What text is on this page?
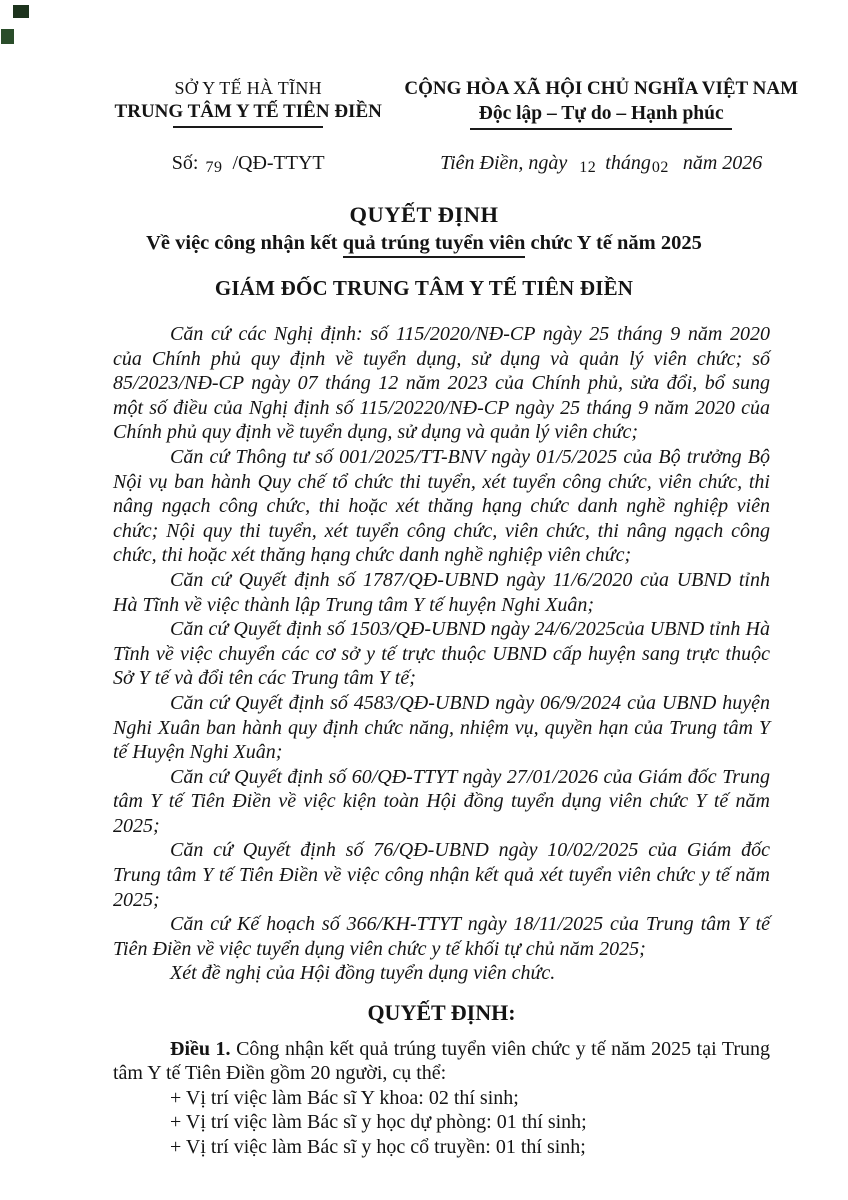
SỞ Y TẾ HÀ TĨNH
TRUNG TÂM Y TẾ TIÊN ĐIỀN
Số: 79 /QĐ-TTYT
CỘNG HÒA XÃ HỘI CHỦ NGHĨA VIỆT NAM
Độc lập – Tự do – Hạnh phúc
Tiên Điền, ngày 12 tháng02 năm 2026
QUYẾT ĐỊNH
Về việc công nhận kết quả trúng tuyển viên chức Y tế năm 2025
GIÁM ĐỐC TRUNG TÂM Y TẾ TIÊN ĐIỀN

Căn cứ các Nghị định: số 115/2020/NĐ-CP ngày 25 tháng 9 năm 2020 của Chính phủ quy định về tuyển dụng, sử dụng và quản lý viên chức; số 85/2023/NĐ-CP ngày 07 tháng 12 năm 2023 của Chính phủ, sửa đổi, bổ sung một số điều của Nghị định số 115/20220/NĐ-CP ngày 25 tháng 9 năm 2020 của Chính phủ quy định về tuyển dụng, sử dụng và quản lý viên chức;

Căn cứ Thông tư số 001/2025/TT-BNV ngày 01/5/2025 của Bộ trưởng Bộ Nội vụ ban hành Quy chế tổ chức thi tuyển, xét tuyển công chức, viên chức, thi nâng ngạch công chức, thi hoặc xét thăng hạng chức danh nghề nghiệp viên chức; Nội quy thi tuyển, xét tuyển công chức, viên chức, thi nâng ngạch công chức, thi hoặc xét thăng hạng chức danh nghề nghiệp viên chức;

Căn cứ Quyết định số 1787/QĐ-UBND ngày 11/6/2020 của UBND tỉnh Hà Tĩnh về việc thành lập Trung tâm Y tế huyện Nghi Xuân;

Căn cứ Quyết định số 1503/QĐ-UBND ngày 24/6/2025của UBND tỉnh Hà Tĩnh về việc chuyển các cơ sở y tế trực thuộc UBND cấp huyện sang trực thuộc Sở Y tế và đổi tên các Trung tâm Y tế;

Căn cứ Quyết định số 4583/QĐ-UBND ngày 06/9/2024 của UBND huyện Nghi Xuân ban hành quy định chức năng, nhiệm vụ, quyền hạn của Trung tâm Y tế Huyện Nghi Xuân;

Căn cứ Quyết định số 60/QĐ-TTYT ngày 27/01/2026 của Giám đốc Trung tâm Y tế Tiên Điền về việc kiện toàn Hội đồng tuyển dụng viên chức Y tế năm 2025;

Căn cứ Quyết định số 76/QĐ-UBND ngày 10/02/2025 của Giám đốc Trung tâm Y tế Tiên Điền về việc công nhận kết quả xét tuyển viên chức y tế năm 2025;

Căn cứ Kế hoạch số 366/KH-TTYT ngày 18/11/2025 của Trung tâm Y tế Tiên Điền về việc tuyển dụng viên chức y tế khối tự chủ năm 2025;

Xét đề nghị của Hội đồng tuyển dụng viên chức.

QUYẾT ĐỊNH:

Điều 1. Công nhận kết quả trúng tuyển viên chức y tế năm 2025 tại Trung tâm Y tế Tiên Điền gồm 20 người, cụ thể:

+ Vị trí việc làm Bác sĩ Y khoa: 02 thí sinh;

+ Vị trí việc làm Bác sĩ y học dự phòng: 01 thí sinh;

+ Vị trí việc làm Bác sĩ y học cổ truyền: 01 thí sinh;
